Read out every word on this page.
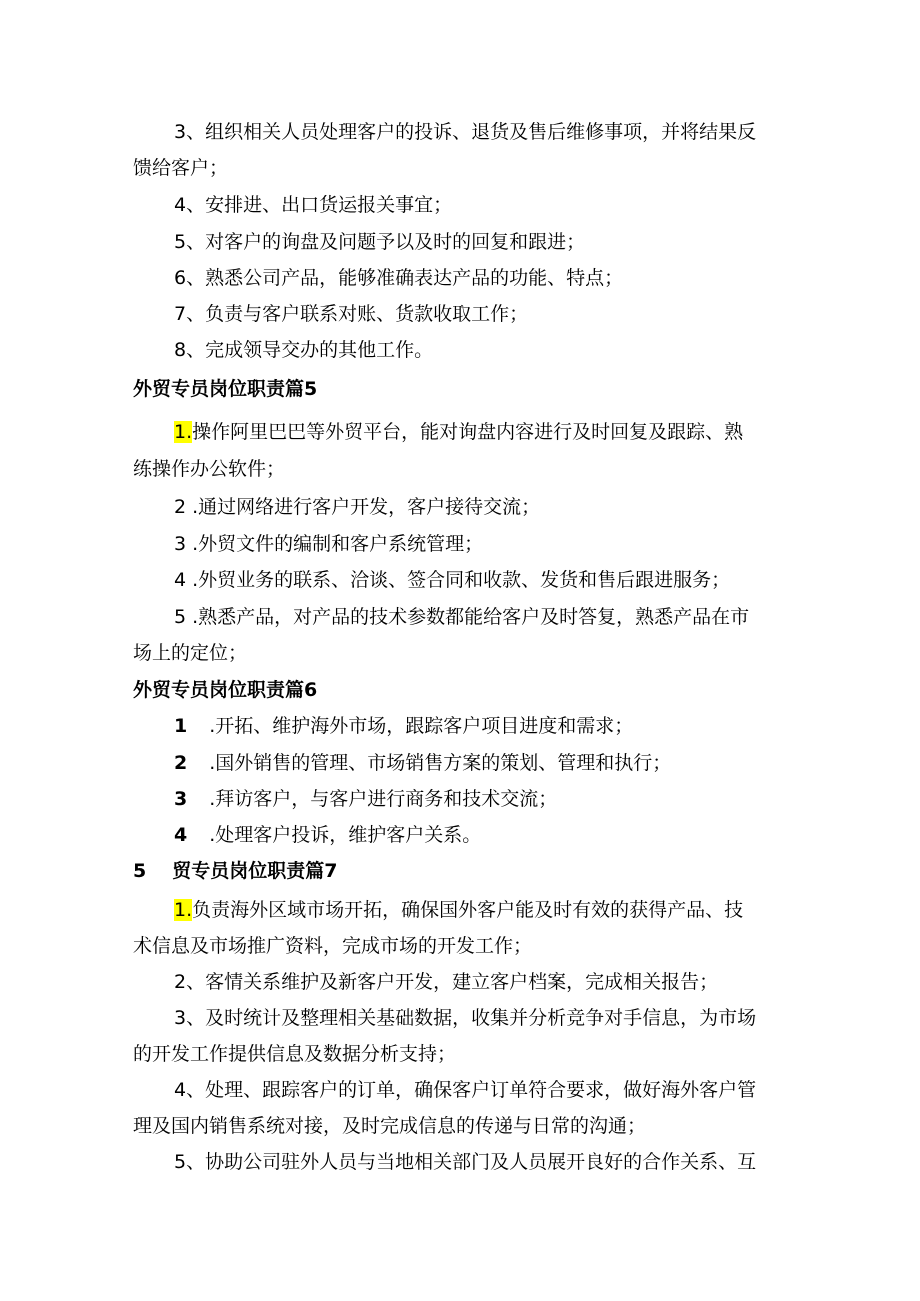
3、组织相关人员处理客户的投诉、退货及售后维修事项，并将结果反
馈给客户；
4、安排进、出口货运报关事宜；
5、对客户的询盘及问题予以及时的回复和跟进；
6、熟悉公司产品，能够准确表达产品的功能、特点；
7、负责与客户联系对账、货款收取工作；
8、完成领导交办的其他工作。
外贸专员岗位职责篇5
1.操作阿里巴巴等外贸平台，能对询盘内容进行及时回复及跟踪、熟
练操作办公软件；
2 .通过网络进行客户开发，客户接待交流；
3 .外贸文件的编制和客户系统管理；
4 .外贸业务的联系、洽谈、签合同和收款、发货和售后跟进服务；
5 .熟悉产品，对产品的技术参数都能给客户及时答复，熟悉产品在市
场上的定位；
外贸专员岗位职责篇6
1 .开拓、维护海外市场，跟踪客户项目进度和需求；
2 .国外销售的管理、市场销售方案的策划、管理和执行；
3 .拜访客户，与客户进行商务和技术交流；
4 .处理客户投诉，维护客户关系。
5 贸专员岗位职责篇7
1.负责海外区域市场开拓，确保国外客户能及时有效的获得产品、技
术信息及市场推广资料，完成市场的开发工作；
2、客情关系维护及新客户开发，建立客户档案，完成相关报告；
3、及时统计及整理相关基础数据，收集并分析竞争对手信息，为市场
的开发工作提供信息及数据分析支持；
4、处理、跟踪客户的订单，确保客户订单符合要求，做好海外客户管
理及国内销售系统对接，及时完成信息的传递与日常的沟通；
5、协助公司驻外人员与当地相关部门及人员展开良好的合作关系、互
